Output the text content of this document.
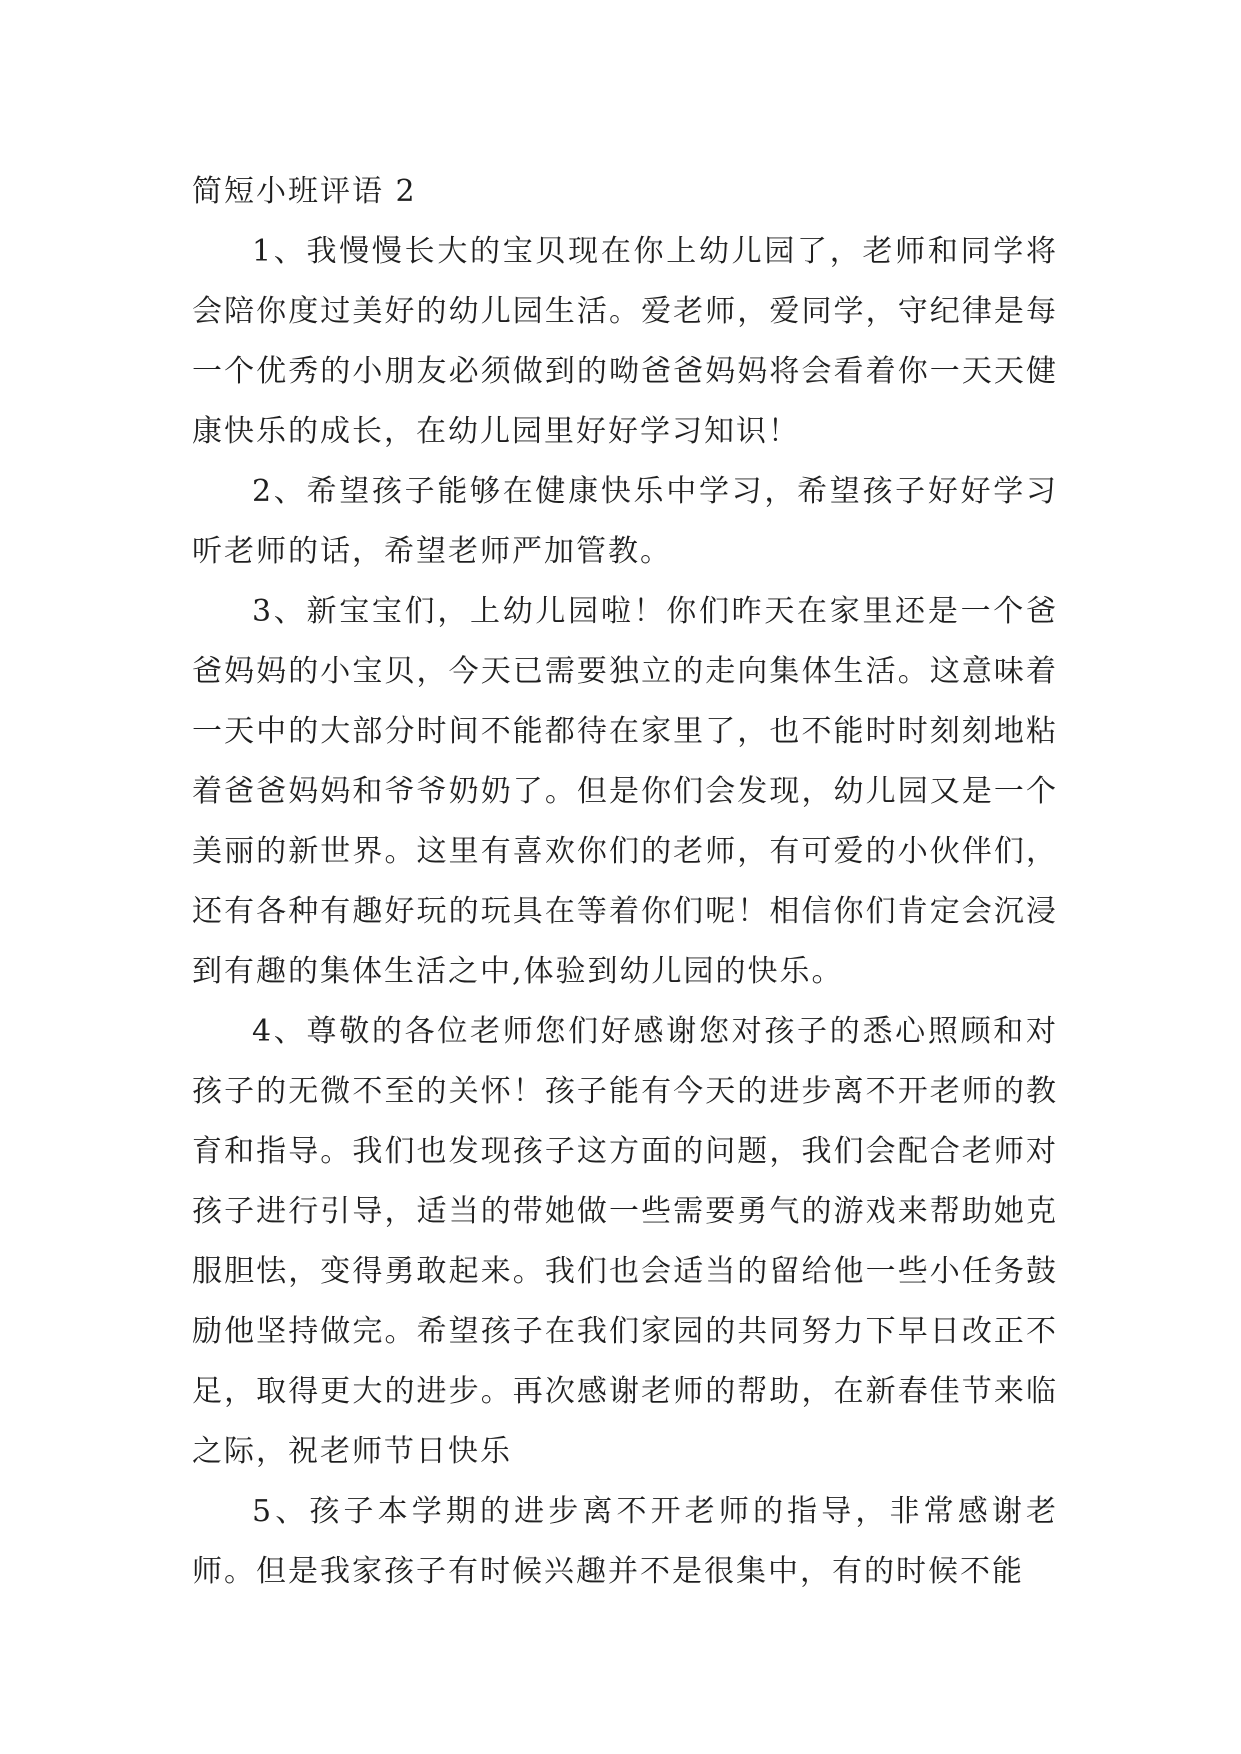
简短小班评语 2

1、我慢慢长大的宝贝现在你上幼儿园了，老师和同学将会陪你度过美好的幼儿园生活。爱老师，爱同学，守纪律是每一个优秀的小朋友必须做到的呦爸爸妈妈将会看着你一天天健康快乐的成长，在幼儿园里好好学习知识！

2、希望孩子能够在健康快乐中学习，希望孩子好好学习听老师的话，希望老师严加管教。

3、新宝宝们，上幼儿园啦！你们昨天在家里还是一个爸爸妈妈的小宝贝，今天已需要独立的走向集体生活。这意味着一天中的大部分时间不能都待在家里了，也不能时时刻刻地粘着爸爸妈妈和爷爷奶奶了。但是你们会发现，幼儿园又是一个美丽的新世界。这里有喜欢你们的老师，有可爱的小伙伴们，还有各种有趣好玩的玩具在等着你们呢！相信你们肯定会沉浸到有趣的集体生活之中,体验到幼儿园的快乐。

4、尊敬的各位老师您们好感谢您对孩子的悉心照顾和对孩子的无微不至的关怀！孩子能有今天的进步离不开老师的教育和指导。我们也发现孩子这方面的问题，我们会配合老师对孩子进行引导，适当的带她做一些需要勇气的游戏来帮助她克服胆怯，变得勇敢起来。我们也会适当的留给他一些小任务鼓励他坚持做完。希望孩子在我们家园的共同努力下早日改正不足，取得更大的进步。再次感谢老师的帮助，在新春佳节来临之际，祝老师节日快乐

5、孩子本学期的进步离不开老师的指导，非常感谢老师。但是我家孩子有时候兴趣并不是很集中，有的时候不能
